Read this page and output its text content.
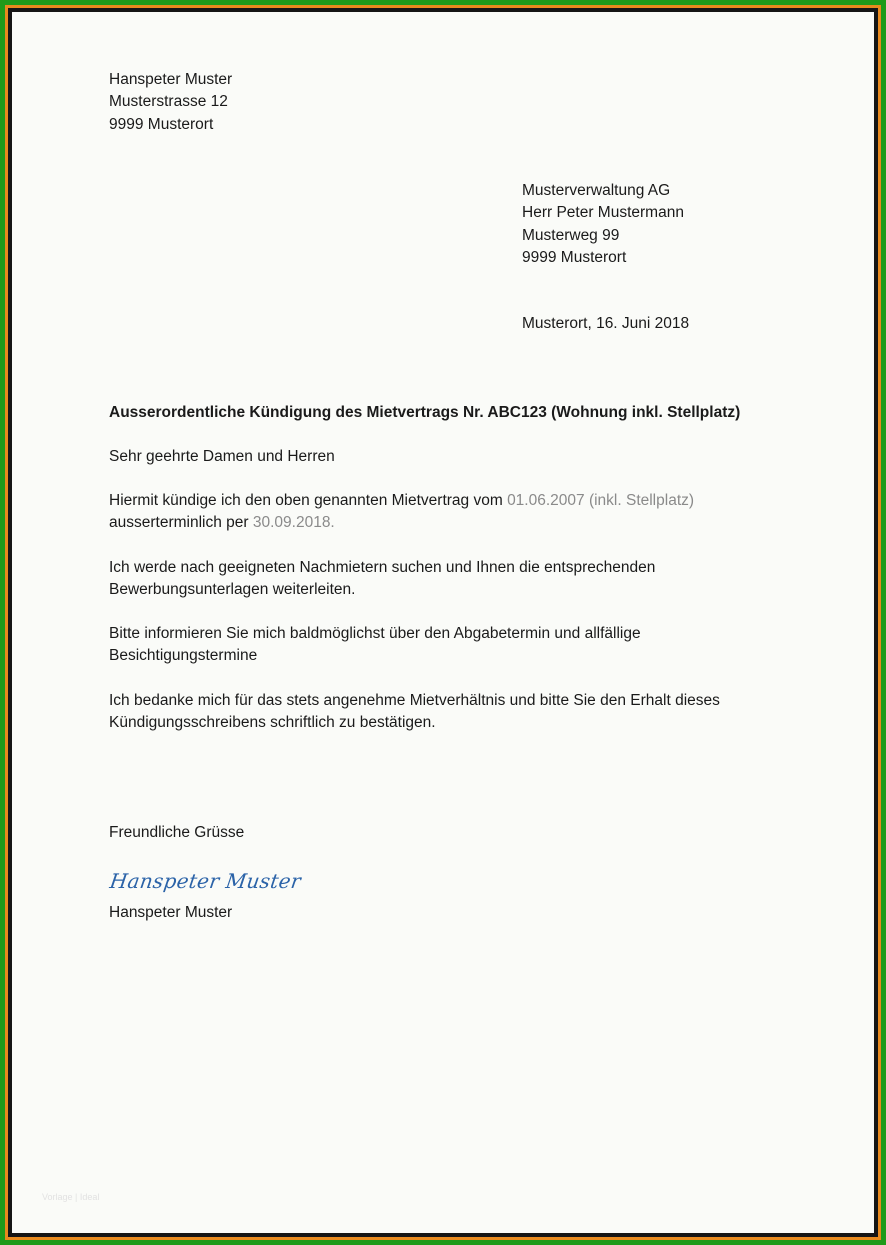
Hanspeter Muster
Musterstrasse 12
9999 Musterort
Musterverwaltung AG
Herr Peter Mustermann
Musterweg 99
9999 Musterort
Musterort, 16. Juni 2018
Ausserordentliche Kündigung des Mietvertrags Nr. ABC123 (Wohnung inkl. Stellplatz)
Sehr geehrte Damen und Herren
Hiermit kündige ich den oben genannten Mietvertrag vom 01.06.2007 (inkl. Stellplatz)
ausserterminlich per 30.09.2018.
Ich werde nach geeigneten Nachmietern suchen und Ihnen die entsprechenden
Bewerbungsunterlagen weiterleiten.
Bitte informieren Sie mich baldmöglichst über den Abgabetermin und allfällige
Besichtigungstermine
Ich bedanke mich für das stets angenehme Mietverhältnis und bitte Sie den Erhalt dieses
Kündigungsschreibens schriftlich zu bestätigen.
Freundliche Grüsse
Hanspeter Muster
Hanspeter Muster
Vorlage | Ideal
